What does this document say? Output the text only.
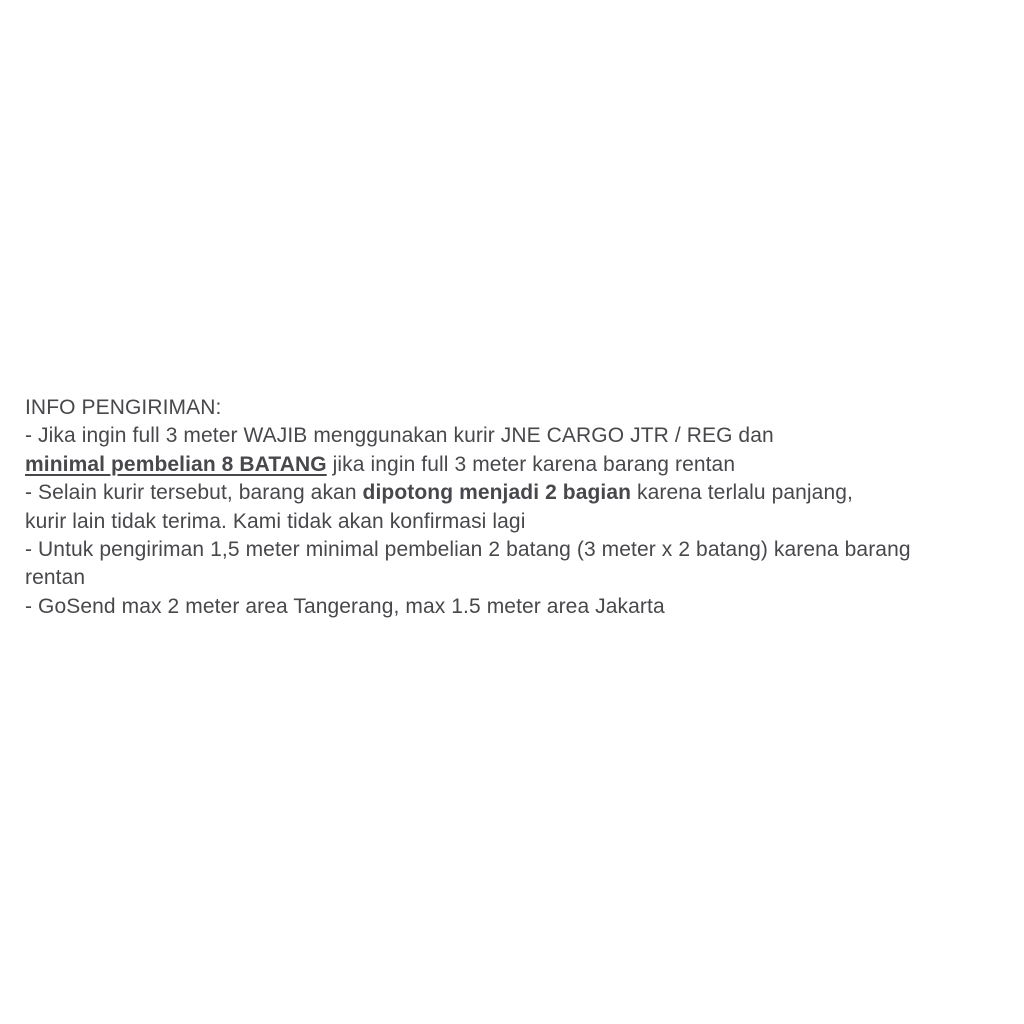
INFO PENGIRIMAN:
- Jika ingin full 3 meter WAJIB menggunakan kurir JNE CARGO JTR / REG dan
minimal pembelian 8 BATANG jika ingin full 3 meter karena barang rentan
- Selain kurir tersebut, barang akan dipotong menjadi 2 bagian karena terlalu panjang,
kurir lain tidak terima. Kami tidak akan konfirmasi lagi
- Untuk pengiriman 1,5 meter minimal pembelian 2 batang (3 meter x 2 batang) karena barang
rentan
- GoSend max 2 meter area Tangerang, max 1.5 meter area Jakarta
